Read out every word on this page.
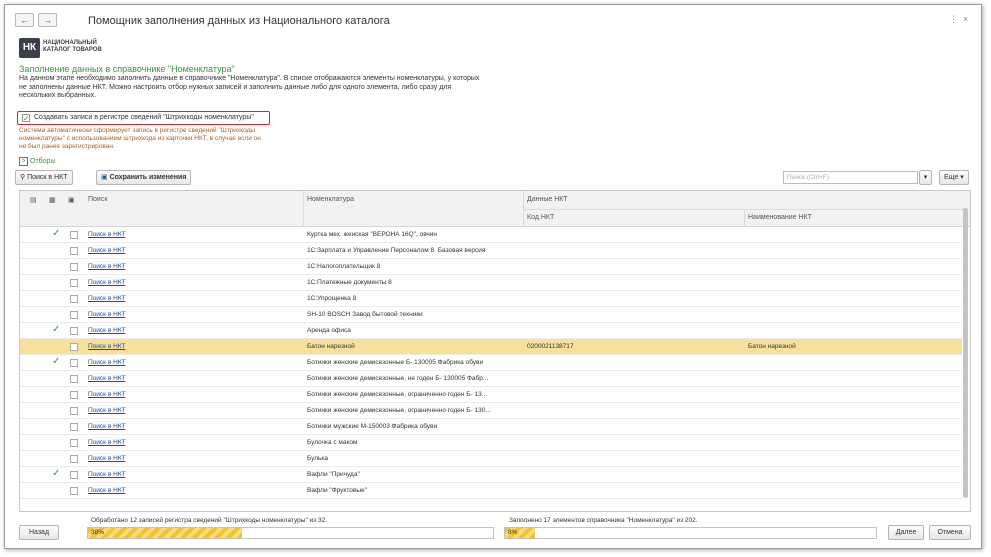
←	→	Помощник заполнения данных из Национального каталога	⋮ ×
НК	НАЦИОНАЛЬНЫЙ
КАТАЛОГ ТОВАРОВ
Заполнение данных в справочнике "Номенклатура"
На данном этапе необходимо заполнить данные в справочнике "Номенклатура". В списке отображаются элементы номенклатуры, у которых не заполнены данные НКТ. Можно настроить отбор нужных записей и заполнить данные либо для одного элемента, либо сразу для нескольких выбранных.
✓ Создавать записи в регистре сведений "Штрихкоды номенклатуры"
Система автоматически сформирует запись в регистре сведений "Штрихкоды номенклатуры" с использованием штрихкода из карточки НКТ, в случае если он не был ранее зарегистрирован.
> Отборы
⚲ Поиск в НКТ	▣ Сохранить изменения	Поиск (Ctrl+F)	▾	Еще ▾
▤ ▦ ▣ Поиск	Номенклатура	Данные НКТ
Код НКТ	Наименование НКТ
✓	Поиск в НКТ	Куртка мех. женская "ВЕРОНА 16Q", овчин
Поиск в НКТ	1С:Зарплата и Управление Персоналом 8. Базовая версия
Поиск в НКТ	1С:Налогоплательщик 8
Поиск в НКТ	1С:Платежные документы 8
Поиск в НКТ	1С:Упрощенка 8
Поиск в НКТ	SH-10 BOSCH Завод бытовой техники
✓	Поиск в НКТ	Аренда офиса
Поиск в НКТ	Батон нарезной	0200021138717	Батон нарезной
✓	Поиск в НКТ	Ботинки женские демисезонные Б- 130005 Фабрика обуви
Поиск в НКТ	Ботинки женские демисезонные, не годен Б- 130005 Фабр...
Поиск в НКТ	Ботинки женские демисезонные, ограниченно годен Б- 13...
Поиск в НКТ	Ботинки женские демисезонные, ограниченно годен Б- 130...
Поиск в НКТ	Ботинки мужские М-150003 Фабрика обуви
Поиск в НКТ	Булочка с маком
Поиск в НКТ	Булька
✓	Поиск в НКТ	Вафли "Причуда"
Поиск в НКТ	Вафли "Фруктовые"
Обработано 12 записей регистра сведений "Штрихкоды номенклатуры" из 32.
38%
Заполнено 17 элементов справочника "Номенклатура" из 202.
8%
Назад	Далее	Отмена
